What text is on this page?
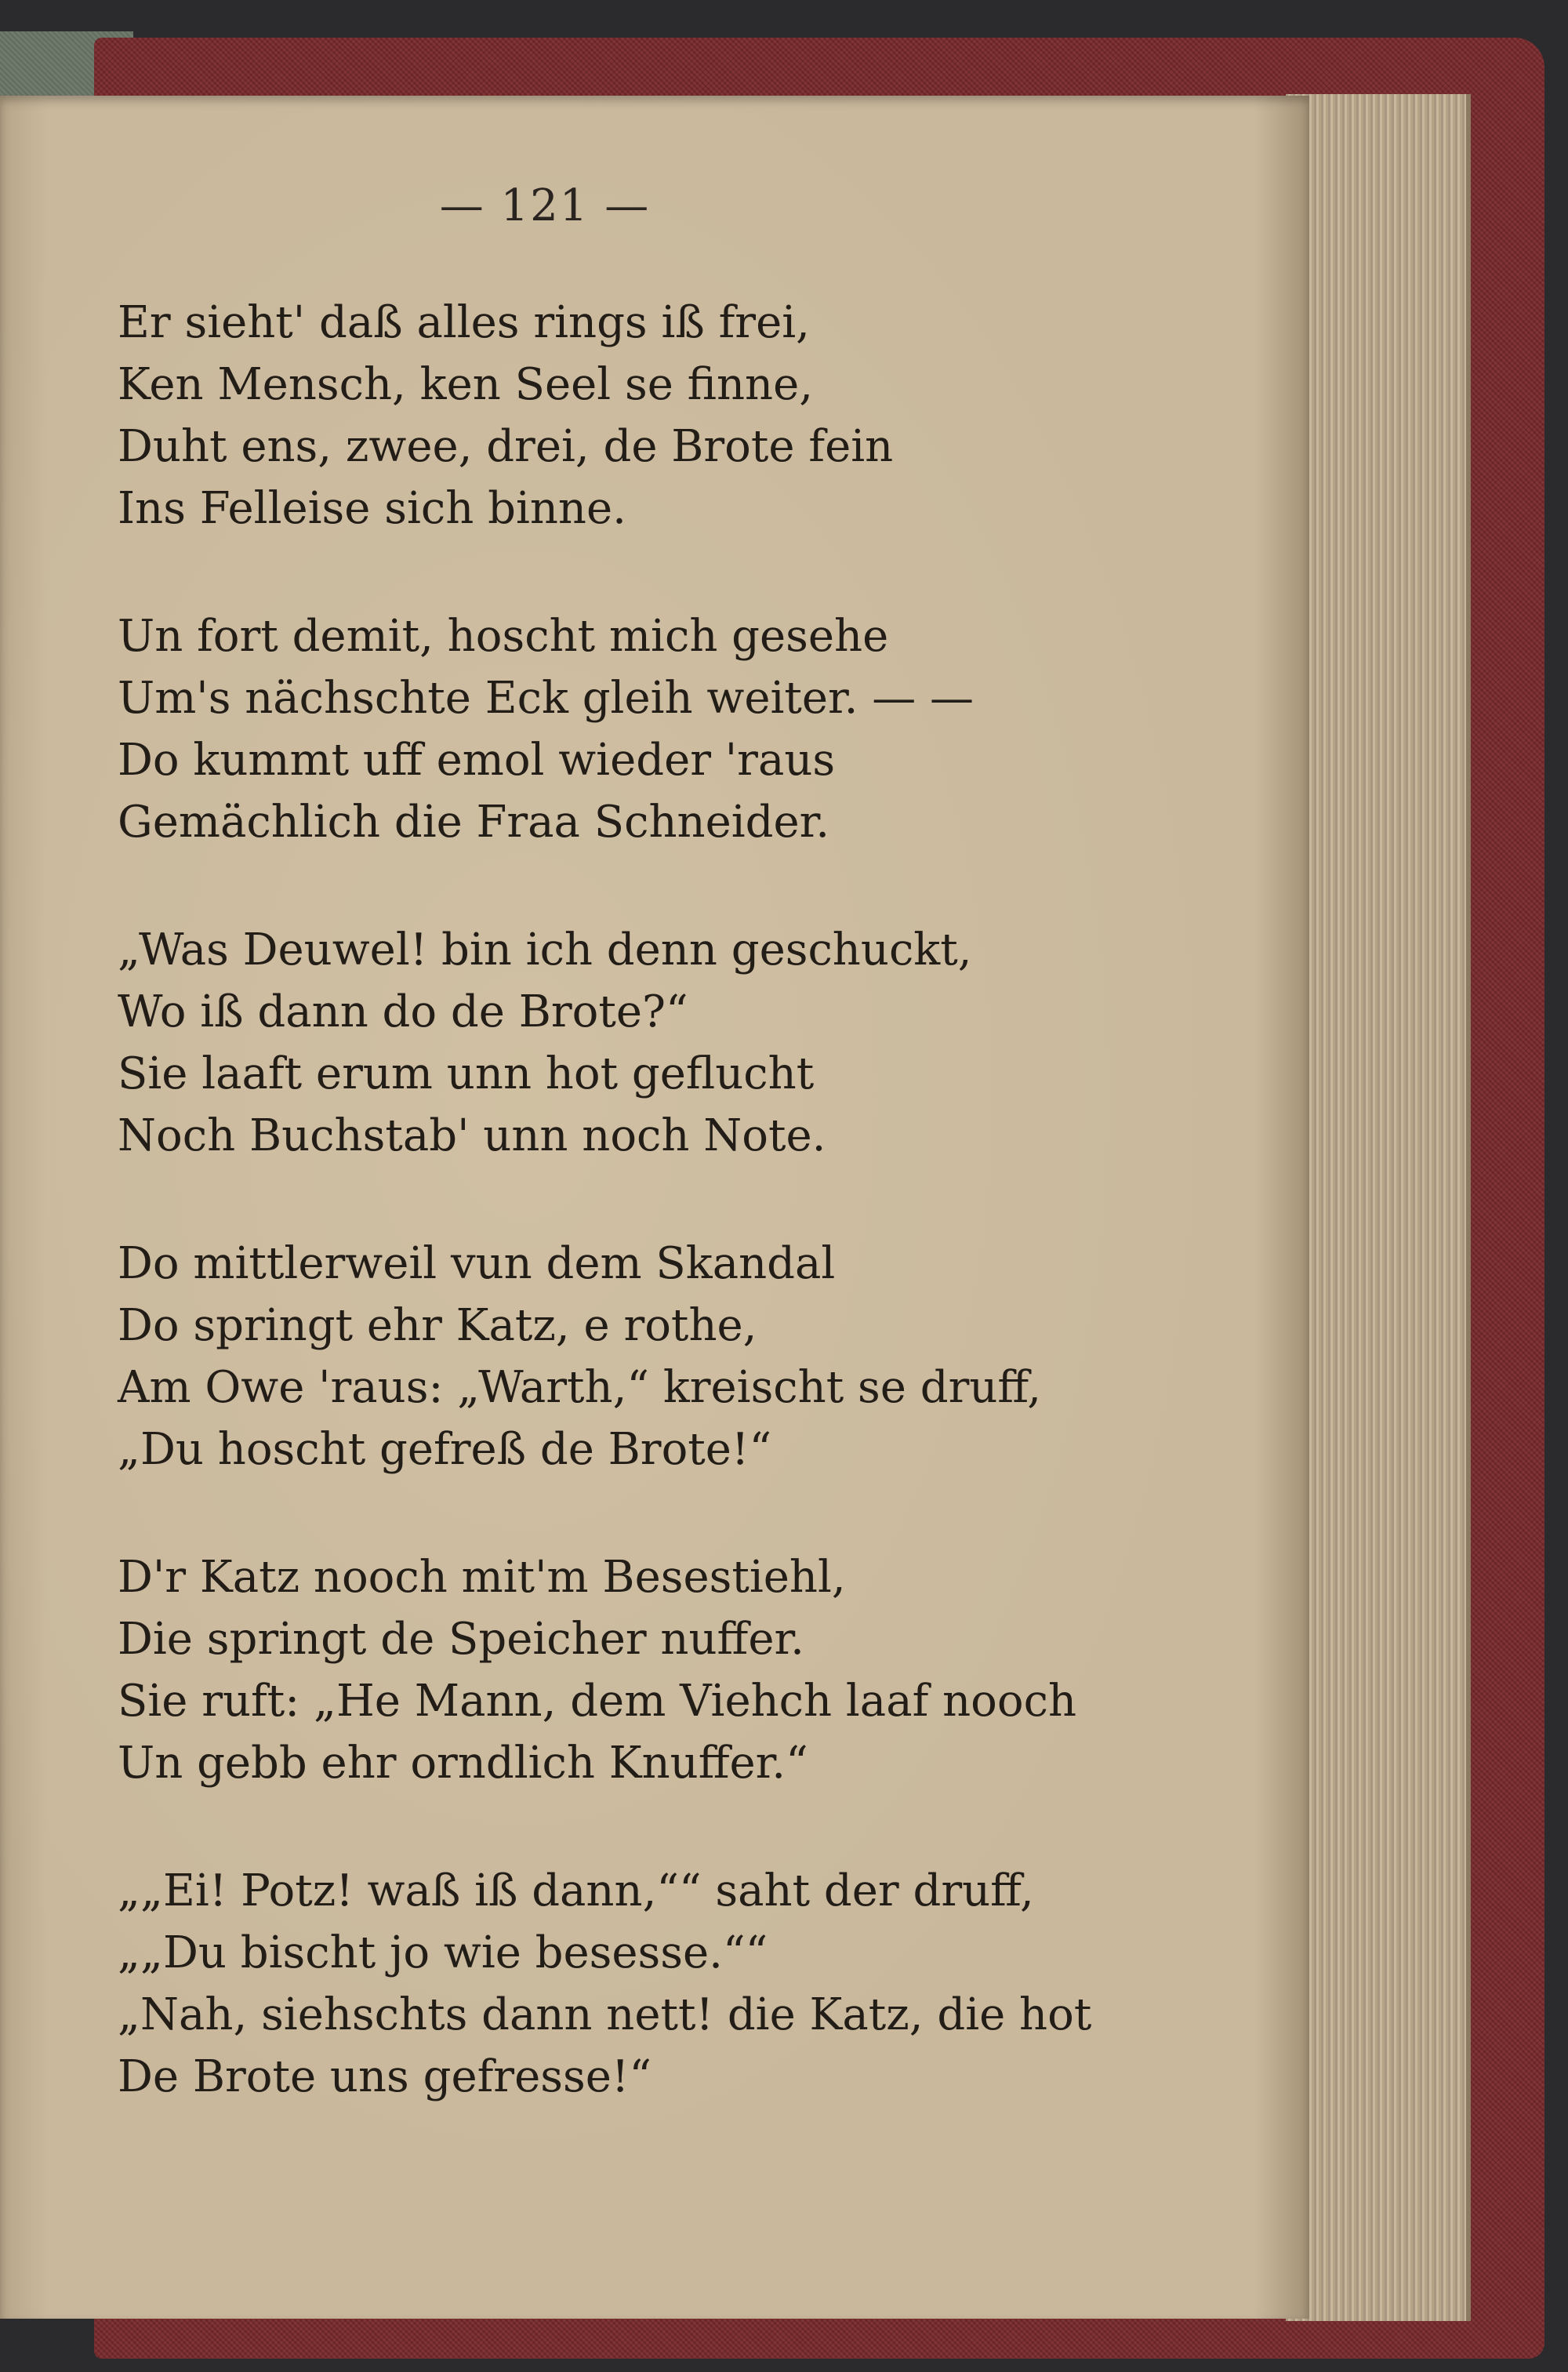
— 121 —
Er sieht' daß alles rings iß frei,
Ken Mensch, ken Seel se finne,
Duht ens, zwee, drei, de Brote fein
Ins Felleise sich binne.
Un fort demit, hoscht mich gesehe
Um's nächschte Eck gleih weiter. — —
Do kummt uff emol wieder 'raus
Gemächlich die Fraa Schneider.
„Was Deuwel! bin ich denn geschuckt,
Wo iß dann do de Brote?“
Sie laaft erum unn hot geflucht
Noch Buchstab' unn noch Note.
Do mittlerweil vun dem Skandal
Do springt ehr Katz, e rothe,
Am Owe 'raus: „Warth,“ kreischt se druff,
„Du hoscht gefreß de Brote!“
D'r Katz nooch mit'm Besestiehl,
Die springt de Speicher nuffer.
Sie ruft: „He Mann, dem Viehch laaf nooch
Un gebb ehr orndlich Knuffer.“
„„Ei! Potz! waß iß dann,““ saht der druff,
„„Du bischt jo wie besesse.““
„Nah, siehschts dann nett! die Katz, die hot
De Brote uns gefresse!“
